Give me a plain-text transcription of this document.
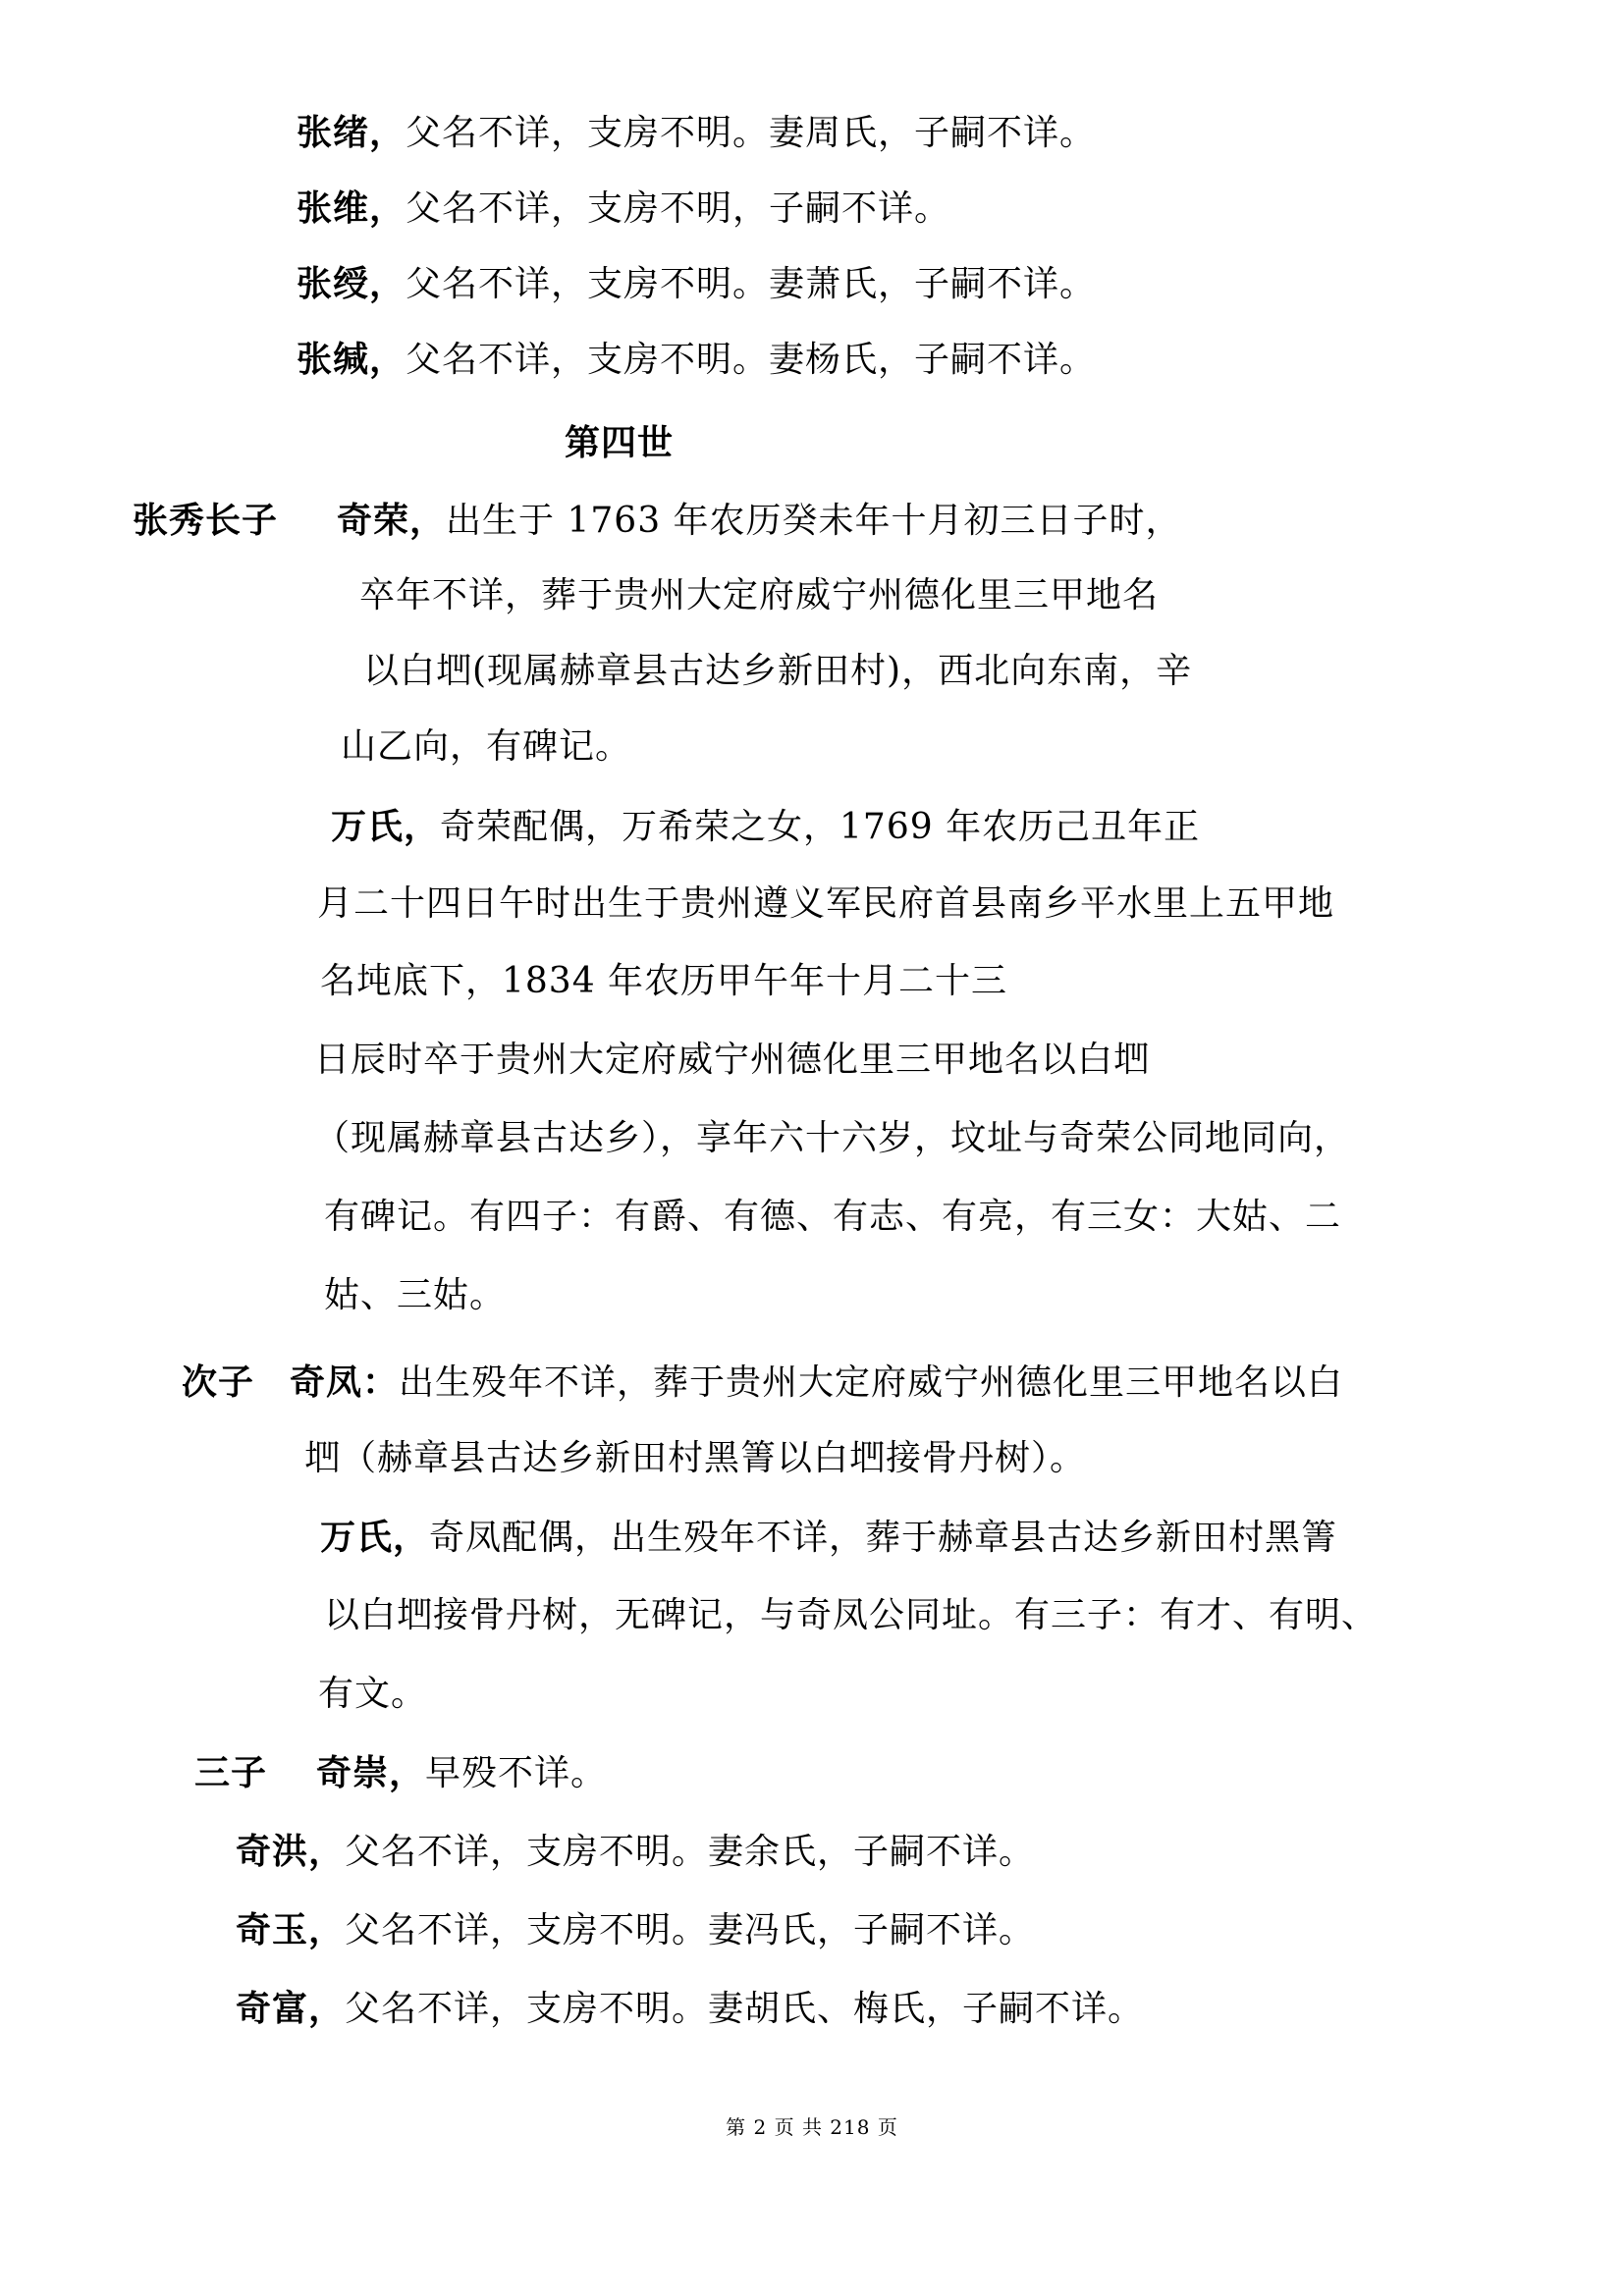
张绪，父名不详，支房不明。妻周氏，子嗣不详。

张维，父名不详，支房不明，子嗣不详。

张绶，父名不详，支房不明。妻萧氏，子嗣不详。

张缄，父名不详，支房不明。妻杨氏，子嗣不详。

第四世

张秀长子 奇荣，出生于 1763 年农历癸未年十月初三日子时，

卒年不详，葬于贵州大定府威宁州德化里三甲地名

以白垇(现属赫章县古达乡新田村)，西北向东南，辛

山乙向，有碑记。

万氏，奇荣配偶，万希荣之女，1769 年农历己丑年正

月二十四日午时出生于贵州遵义军民府首县南乡平水里上五甲地

名坉底下，1834 年农历甲午年十月二十三

日辰时卒于贵州大定府威宁州德化里三甲地名以白垇

（现属赫章县古达乡），享年六十六岁，坟址与奇荣公同地同向，

有碑记。有四子：有爵、有德、有志、有亮，有三女：大姑、二

姑、三姑。

次子 奇凤：出生殁年不详，葬于贵州大定府威宁州德化里三甲地名以白

垇（赫章县古达乡新田村黑箐以白垇接骨丹树）。

万氏，奇凤配偶，出生殁年不详，葬于赫章县古达乡新田村黑箐

以白垇接骨丹树，无碑记，与奇凤公同址。有三子：有才、有明、

有文。

三子 奇崇，早殁不详。

奇洪，父名不详，支房不明。妻余氏，子嗣不详。

奇玉，父名不详，支房不明。妻冯氏，子嗣不详。

奇富，父名不详，支房不明。妻胡氏、梅氏，子嗣不详。

第 2 页 共 218 页
